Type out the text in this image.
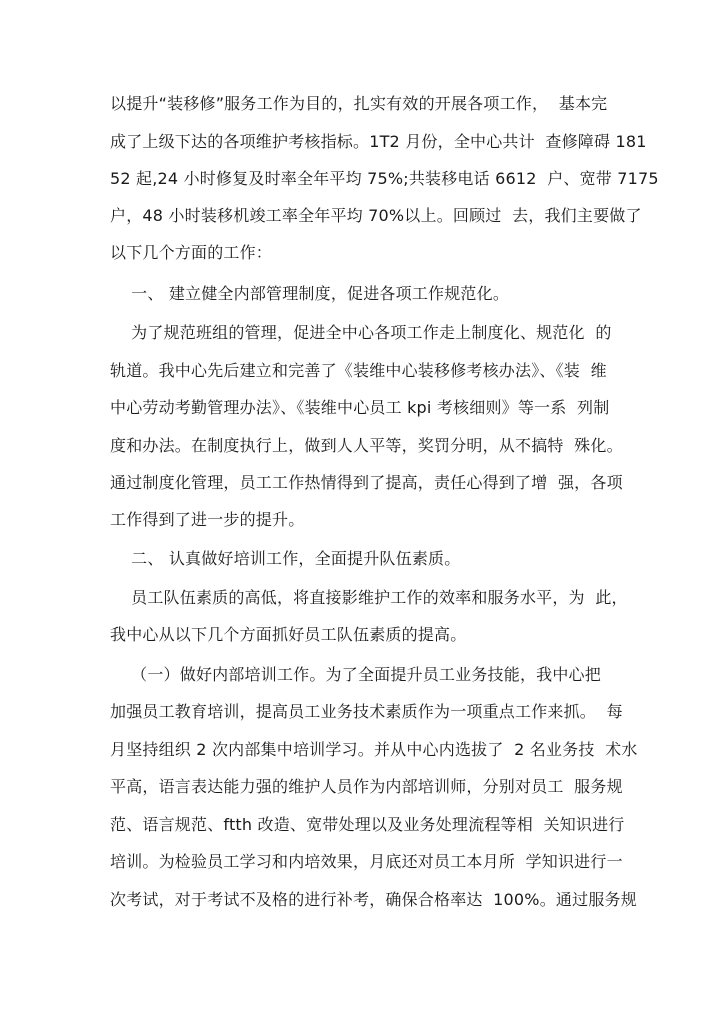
以提升“装移修”服务工作为目的，扎实有效的开展各项工作，  基本完
成了上级下达的各项维护考核指标。1T2 月份，全中心共计  查修障碍 181
52 起,24 小时修复及时率全年平均 75%;共装移电话 6612  户、宽带 7175
户，48 小时装移机竣工率全年平均 70%以上。回顾过  去，我们主要做了
以下几个方面的工作：
一、 建立健全内部管理制度，促进各项工作规范化。
为了规范班组的管理，促进全中心各项工作走上制度化、规范化  的
轨道。我中心先后建立和完善了《装维中心装移修考核办法》、《装  维
中心劳动考勤管理办法》、《装维中心员工 kpi 考核细则》等一系  列制
度和办法。在制度执行上，做到人人平等，奖罚分明，从不搞特  殊化。
通过制度化管理，员工工作热情得到了提高，责任心得到了增  强，各项
工作得到了进一步的提升。
二、 认真做好培训工作，全面提升队伍素质。
员工队伍素质的高低，将直接影维护工作的效率和服务水平，为  此，
我中心从以下几个方面抓好员工队伍素质的提高。
（一）做好内部培训工作。为了全面提升员工业务技能，我中心把
加强员工教育培训，提高员工业务技术素质作为一项重点工作来抓。  每
月坚持组织 2 次内部集中培训学习。并从中心内选拔了  2 名业务技  术水
平高，语言表达能力强的维护人员作为内部培训师，分别对员工  服务规
范、语言规范、ftth 改造、宽带处理以及业务处理流程等相  关知识进行
培训。为检验员工学习和内培效果，月底还对员工本月所  学知识进行一
次考试，对于考试不及格的进行补考，确保合格率达  100%。通过服务规
